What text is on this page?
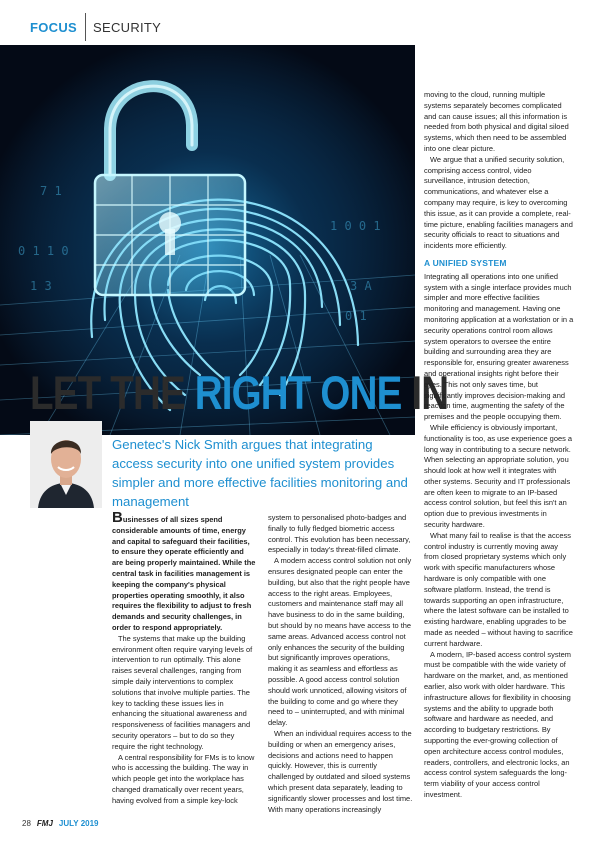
FOCUS SECURITY
0 1 1 0
1 0 0 1
1 3	3 A
0 1
7 1
LET THE RIGHT ONE IN
Genetec's Nick Smith argues that integrating access security into one unified system provides simpler and more effective facilities monitoring and management

Businesses of all sizes spend considerable amounts of time, energy and capital to safeguard their facilities, to ensure they operate efficiently and are being properly maintained. While the central task in facilities management is keeping the company's physical properties operating smoothly, it also requires the flexibility to adjust to fresh demands and security challenges, in order to respond appropriately.

The systems that make up the building environment often require varying levels of intervention to run optimally. This alone raises several challenges, ranging from simple daily interventions to complex solutions that involve multiple parties. The key to tackling these issues lies in enhancing the situational awareness and responsiveness of facilities managers and security operators – but to do so they require the right technology.

A central responsibility for FMs is to know who is accessing the building. The way in which people get into the workplace has changed dramatically over recent years, having evolved from a simple key-lock

system to personalised photo-badges and finally to fully fledged biometric access control. This evolution has been necessary, especially in today's threat-filled climate.

A modern access control solution not only ensures designated people can enter the building, but also that the right people have access to the right areas. Employees, customers and maintenance staff may all have business to do in the same building, but should by no means have access to the same areas. Advanced access control not only enhances the security of the building but significantly improves operations, making it as seamless and effortless as possible. A good access control solution should work unnoticed, allowing visitors of the building to come and go where they need to – uninterrupted, and with minimal delay.

When an individual requires access to the building or when an emergency arises, decisions and actions need to happen quickly. However, this is currently challenged by outdated and siloed systems which present data separately, leading to significantly slower processes and lost time. With many operations increasingly

moving to the cloud, running multiple systems separately becomes complicated and can cause issues; all this information is needed from both physical and digital siloed systems, which then need to be assembled into one clear picture.

We argue that a unified security solution, comprising access control, video surveillance, intrusion detection, communications, and whatever else a company may require, is key to overcoming this issue, as it can provide a complete, real-time picture, enabling facilities managers and security officials to react to situations and incidents more efficiently.

A UNIFIED SYSTEM

Integrating all operations into one unified system with a single interface provides much simpler and more effective facilities monitoring and management. Having one monitoring application at a workstation or in a security operations control room allows system operators to oversee the entire building and surrounding area they are responsible for, ensuring greater awareness and operational insights right before their eyes. This not only saves time, but significantly improves decision-making and reaction time, augmenting the safety of the premises and the people occupying them.

While efficiency is obviously important, functionality is too, as use experience goes a long way in contributing to a secure network. When selecting an appropriate solution, you should look at how well it integrates with other systems. Security and IT professionals are often keen to migrate to an IP-based access control solution, but feel this isn't an option due to previous investments in security hardware.

What many fail to realise is that the access control industry is currently moving away from closed proprietary systems which only work with specific manufacturers whose hardware is only compatible with one software platform. Instead, the trend is towards supporting an open infrastructure, where the latest software can be installed to existing hardware, enabling upgrades to be made as needed – without having to sacrifice current hardware.

A modern, IP-based access control system must be compatible with the wide variety of hardware on the market, and, as mentioned earlier, also work with older hardware. This infrastructure allows for flexibility in choosing systems and the ability to upgrade both software and hardware as needed, and according to budgetary restrictions. By supporting the ever-growing collection of open architecture access control modules, readers, controllers, and electronic locks, an access control system safeguards the long-term viability of your access control investment.

28 FMJ JULY 2019
